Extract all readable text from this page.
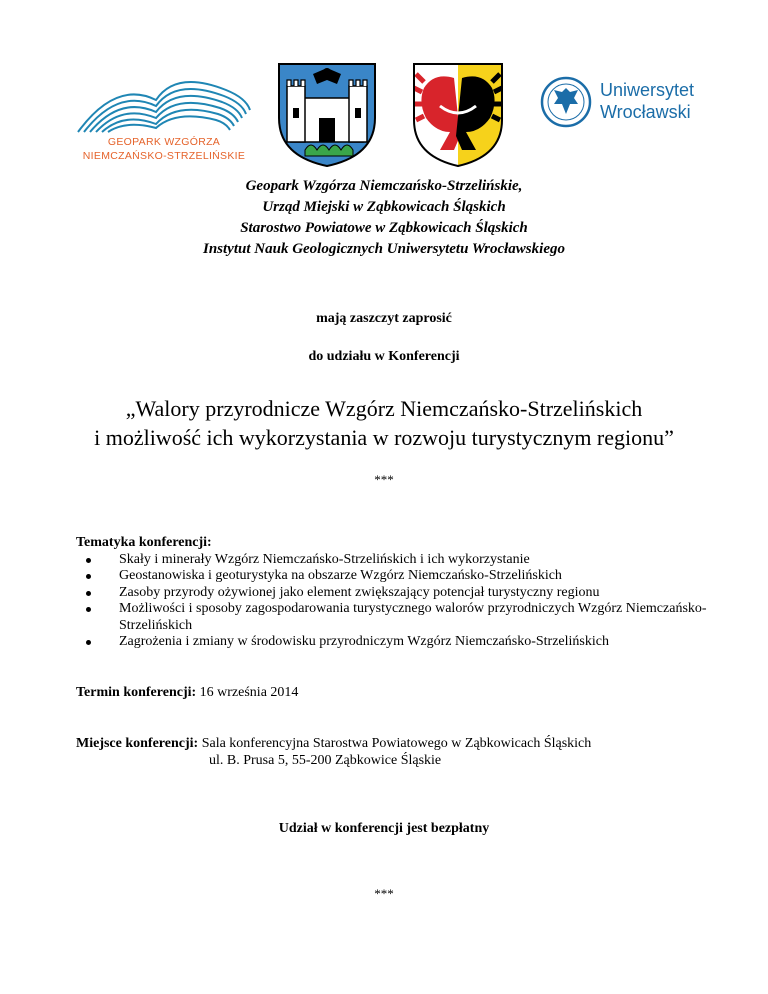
GEOPARK WZGÓRZA
NIEMCZAŃSKO-STRZELIŃSKIE
Uniwersytet
Wrocławski
Geopark Wzgórza Niemczańsko-Strzelińskie,
Urząd Miejski w Ząbkowicach Śląskich
Starostwo Powiatowe w Ząbkowicach Śląskich
Instytut Nauk Geologicznych Uniwersytetu Wrocławskiego
mają zaszczyt zaprosić
do udziału w Konferencji
„Walory przyrodnicze Wzgórz Niemczańsko-Strzelińskich
i możliwość ich wykorzystania w rozwoju turystycznym regionu”
***
Tematyka konferencji:
Skały i minerały Wzgórz Niemczańsko-Strzelińskich i ich wykorzystanie
Geostanowiska i geoturystyka na obszarze Wzgórz Niemczańsko-Strzelińskich
Zasoby przyrody ożywionej jako element zwiększający potencjał turystyczny regionu
Możliwości i sposoby zagospodarowania turystycznego walorów przyrodniczych Wzgórz Niemczańsko-Strzelińskich
Zagrożenia i zmiany w środowisku przyrodniczym Wzgórz Niemczańsko-Strzelińskich
Termin konferencji: 16 września 2014
Miejsce konferencji: Sala konferencyjna Starostwa Powiatowego w Ząbkowicach Śląskich
ul. B. Prusa 5, 55-200 Ząbkowice Śląskie
Udział w konferencji jest bezpłatny
***
